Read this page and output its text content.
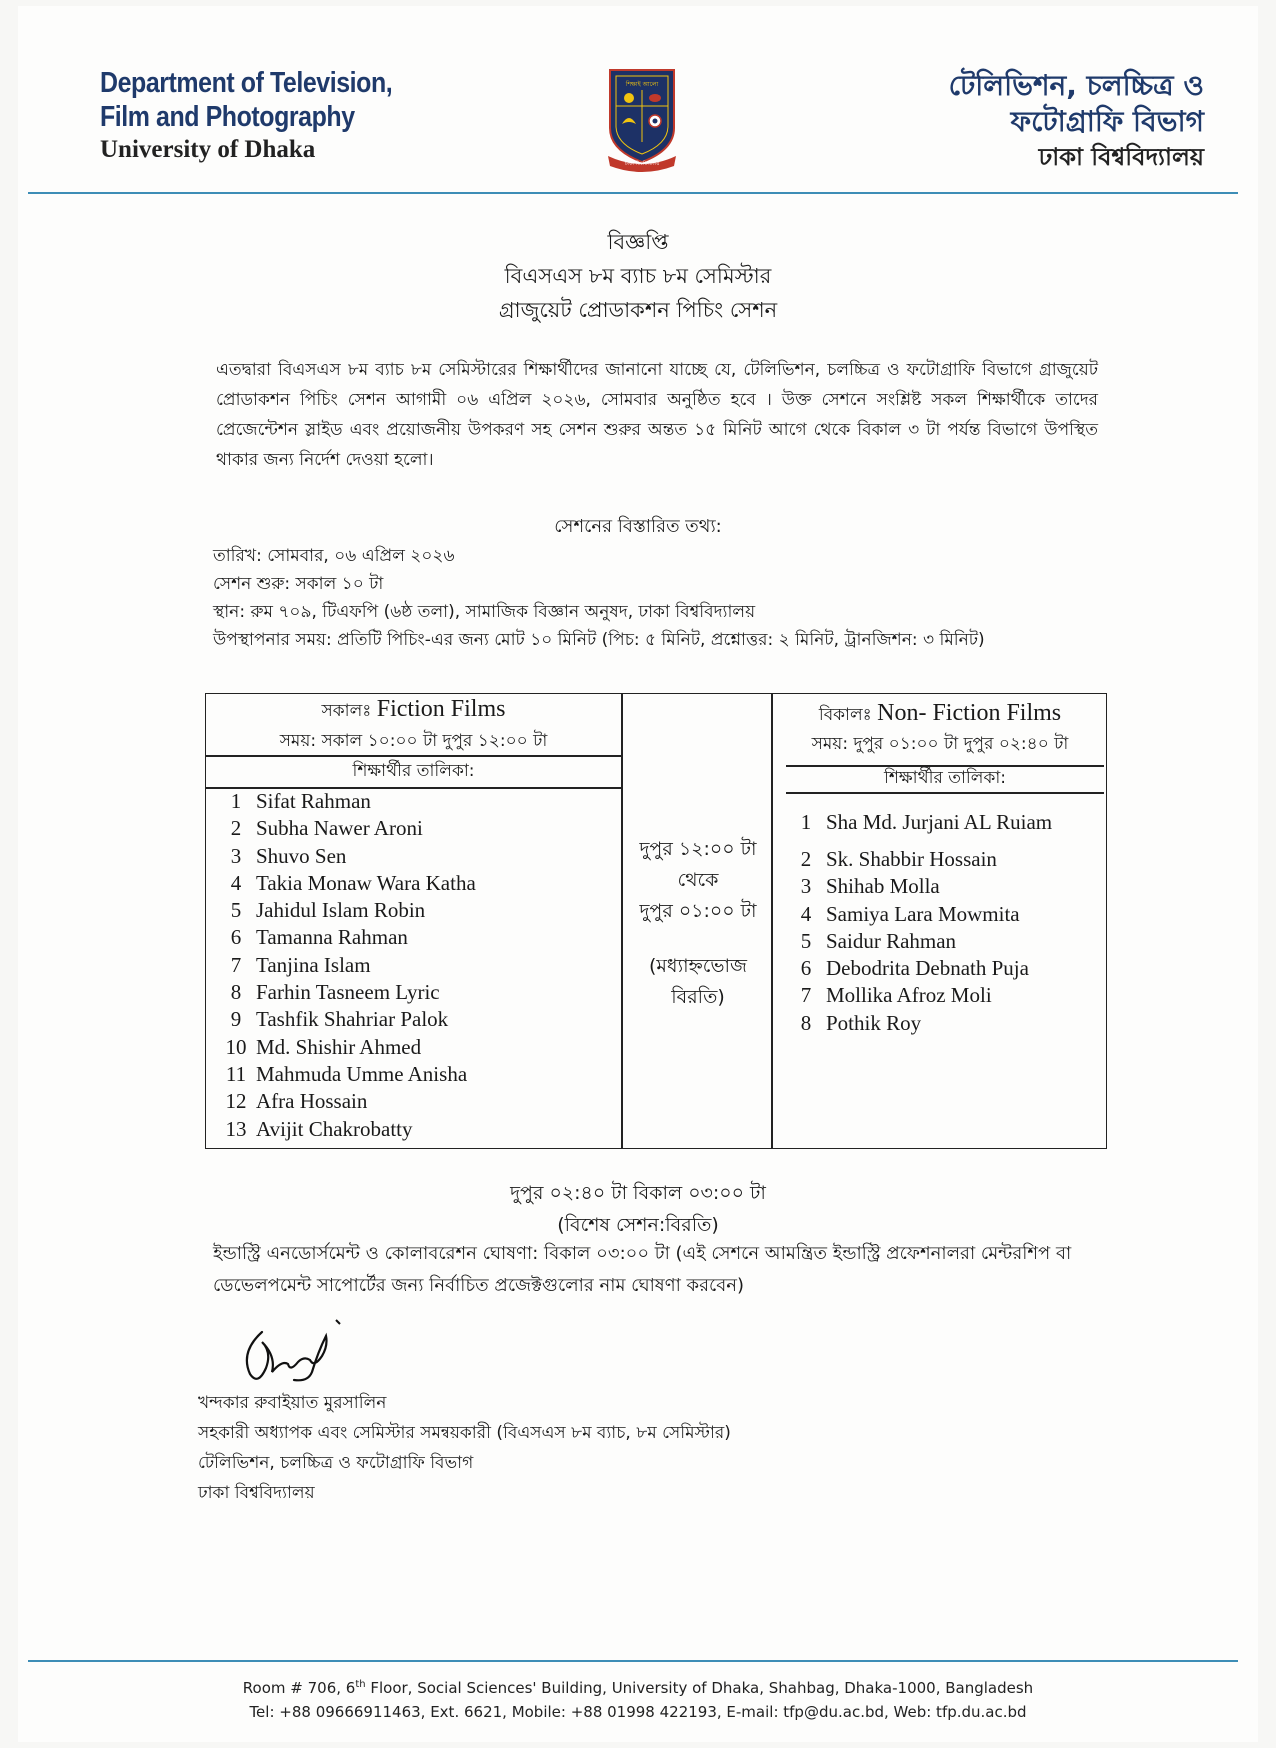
Department of Television,
Film and Photography
University of Dhaka
শিক্ষাই আলো
ঢাকা বিশ্ববিদ্যালয়
টেলিভিশন, চলচ্চিত্র ও
ফটোগ্রাফি বিভাগ
ঢাকা বিশ্ববিদ্যালয়
বিজ্ঞপ্তি
বিএসএস ৮ম ব্যাচ ৮ম সেমিস্টার
গ্রাজুয়েট প্রোডাকশন পিচিং সেশন
এতদ্বারা বিএসএস ৮ম ব্যাচ ৮ম সেমিস্টারের শিক্ষার্থীদের জানানো যাচ্ছে যে, টেলিভিশন, চলচ্চিত্র ও ফটোগ্রাফি বিভাগে গ্রাজুয়েট প্রোডাকশন পিচিং সেশন আগামী ০৬ এপ্রিল ২০২৬, সোমবার অনুষ্ঠিত হবে । উক্ত সেশনে সংশ্লিষ্ট সকল শিক্ষার্থীকে তাদের প্রেজেন্টেশন স্লাইড এবং প্রয়োজনীয় উপকরণ সহ সেশন শুরুর অন্তত ১৫ মিনিট আগে থেকে বিকাল ৩ টা পর্যন্ত বিভাগে উপস্থিত থাকার জন্য নির্দেশ দেওয়া হলো।
সেশনের বিস্তারিত তথ্য:
তারিখ: সোমবার, ০৬ এপ্রিল ২০২৬
সেশন শুরু: সকাল ১০ টা
স্থান: রুম ৭০৯, টিএফপি (৬ষ্ঠ তলা), সামাজিক বিজ্ঞান অনুষদ, ঢাকা বিশ্ববিদ্যালয়
উপস্থাপনার সময়: প্রতিটি পিচিং-এর জন্য মোট ১০ মিনিট (পিচ: ৫ মিনিট, প্রশ্নোত্তর: ২ মিনিট, ট্রানজিশন: ৩ মিনিট)
সকালঃ Fiction Films
সময়: সকাল ১০:০০ টা দুপুর ১২:০০ টা
শিক্ষার্থীর তালিকা:
1 Sifat Rahman
2 Subha Nawer Aroni
3 Shuvo Sen
4 Takia Monaw Wara Katha
5 Jahidul Islam Robin
6 Tamanna Rahman
7 Tanjina Islam
8 Farhin Tasneem Lyric
9 Tashfik Shahriar Palok
10 Md. Shishir Ahmed
11 Mahmuda Umme Anisha
12 Afra Hossain
13 Avijit Chakrobatty
দুপুর ১২:০০ টা
থেকে
দুপুর ০১:০০ টা
(মধ্যাহ্নভোজ
বিরতি)
বিকালঃ Non- Fiction Films
সময়: দুপুর ০১:০০ টা দুপুর ০২:৪০ টা
শিক্ষার্থীর তালিকা:
1 Sha Md. Jurjani AL Ruiam
2 Sk. Shabbir Hossain
3 Shihab Molla
4 Samiya Lara Mowmita
5 Saidur Rahman
6 Debodrita Debnath Puja
7 Mollika Afroz Moli
8 Pothik Roy
দুপুর ০২:৪০ টা বিকাল ০৩:০০ টা
(বিশেষ সেশন:বিরতি)
ইন্ডাস্ট্রি এনডোর্সমেন্ট ও কোলাবরেশন ঘোষণা: বিকাল ০৩:০০ টা (এই সেশনে আমন্ত্রিত ইন্ডাস্ট্রি প্রফেশনালরা মেন্টরশিপ বা ডেভেলপমেন্ট সাপোর্টের জন্য নির্বাচিত প্রজেক্টগুলোর নাম ঘোষণা করবেন)
খন্দকার রুবাইয়াত মুরসালিন
সহকারী অধ্যাপক এবং সেমিস্টার সমন্বয়কারী (বিএসএস ৮ম ব্যাচ, ৮ম সেমিস্টার)
টেলিভিশন, চলচ্চিত্র ও ফটোগ্রাফি বিভাগ
ঢাকা বিশ্ববিদ্যালয়
Room # 706, 6th Floor, Social Sciences' Building, University of Dhaka, Shahbag, Dhaka-1000, Bangladesh
Tel: +88 09666911463, Ext. 6621, Mobile: +88 01998 422193, E-mail: tfp@du.ac.bd, Web: tfp.du.ac.bd
